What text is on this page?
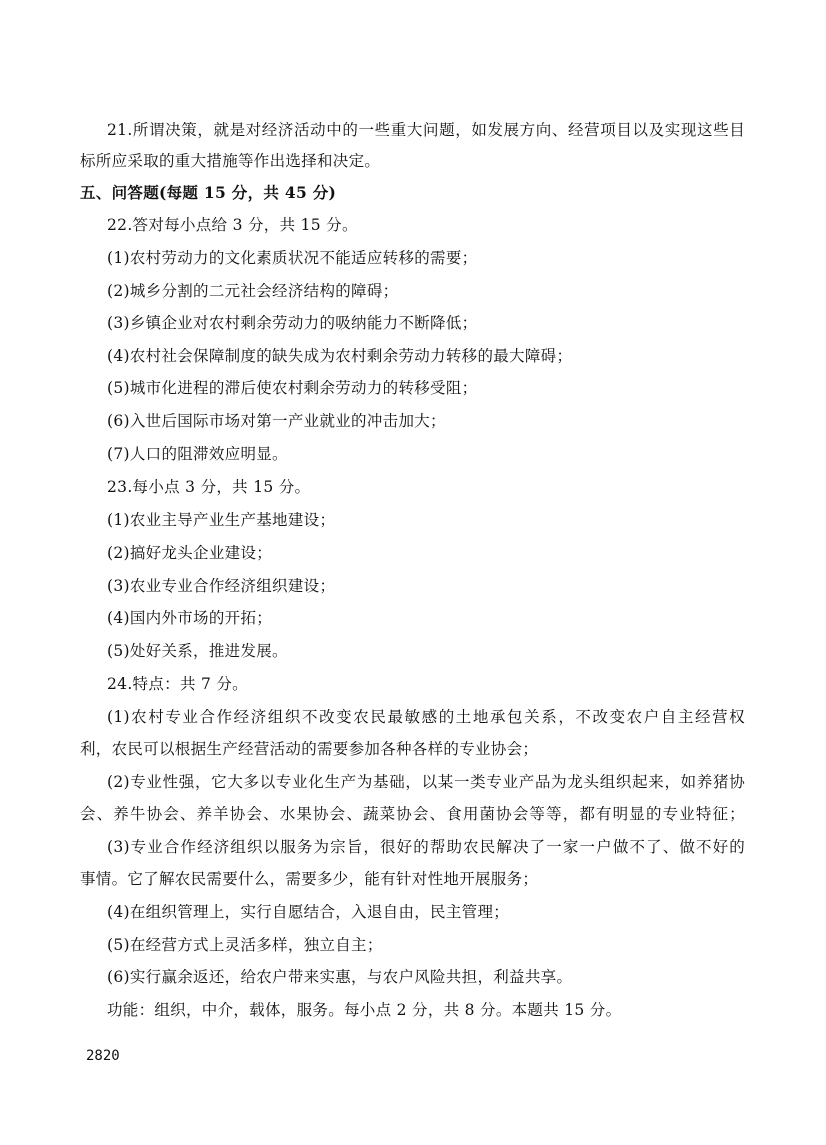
21.所谓决策，就是对经济活动中的一些重大问题，如发展方向、经营项目以及实现这些目
标所应采取的重大措施等作出选择和决定。
五、问答题(每题 15 分，共 45 分)
22.答对每小点给 3 分，共 15 分。
(1)农村劳动力的文化素质状况不能适应转移的需要；
(2)城乡分割的二元社会经济结构的障碍；
(3)乡镇企业对农村剩余劳动力的吸纳能力不断降低；
(4)农村社会保障制度的缺失成为农村剩余劳动力转移的最大障碍；
(5)城市化进程的滞后使农村剩余劳动力的转移受阻；
(6)入世后国际市场对第一产业就业的冲击加大；
(7)人口的阻滞效应明显。
23.每小点 3 分，共 15 分。
(1)农业主导产业生产基地建设；
(2)搞好龙头企业建设；
(3)农业专业合作经济组织建设；
(4)国内外市场的开拓；
(5)处好关系，推进发展。
24.特点：共 7 分。
(1)农村专业合作经济组织不改变农民最敏感的土地承包关系，不改变农户自主经营权
利，农民可以根据生产经营活动的需要参加各种各样的专业协会；
(2)专业性强，它大多以专业化生产为基础，以某一类专业产品为龙头组织起来，如养猪协
会、养牛协会、养羊协会、水果协会、蔬菜协会、食用菌协会等等，都有明显的专业特征；
(3)专业合作经济组织以服务为宗旨，很好的帮助农民解决了一家一户做不了、做不好的
事情。它了解农民需要什么，需要多少，能有针对性地开展服务；
(4)在组织管理上，实行自愿结合，入退自由，民主管理；
(5)在经营方式上灵活多样，独立自主；
(6)实行赢余返还，给农户带来实惠，与农户风险共担，利益共享。
功能：组织，中介，载体，服务。每小点 2 分，共 8 分。本题共 15 分。
2820
